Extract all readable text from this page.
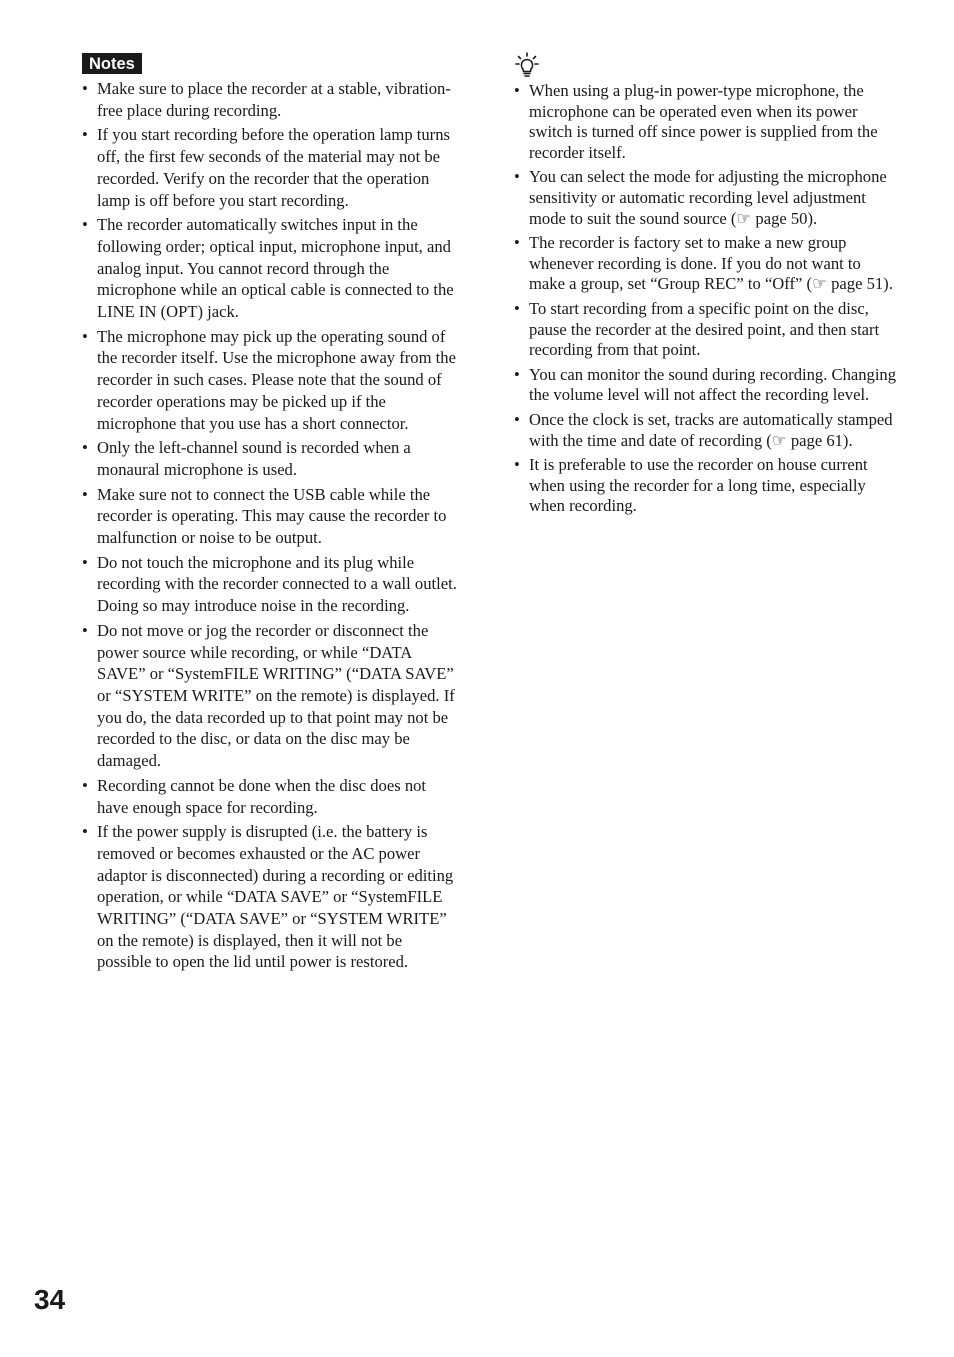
Notes
• Make sure to place the recorder at a stable, vibration-free place during recording.
• If you start recording before the operation lamp turns off, the first few seconds of the material may not be recorded. Verify on the recorder that the operation lamp is off before you start recording.
• The recorder automatically switches input in the following order; optical input, microphone input, and analog input. You cannot record through the microphone while an optical cable is connected to the LINE IN (OPT) jack.
• The microphone may pick up the operating sound of the recorder itself. Use the microphone away from the recorder in such cases. Please note that the sound of recorder operations may be picked up if the microphone that you use has a short connector.
• Only the left-channel sound is recorded when a monaural microphone is used.
• Make sure not to connect the USB cable while the recorder is operating. This may cause the recorder to malfunction or noise to be output.
• Do not touch the microphone and its plug while recording with the recorder connected to a wall outlet. Doing so may introduce noise in the recording.
• Do not move or jog the recorder or disconnect the power source while recording, or while “DATA SAVE” or “SystemFILE WRITING” (“DATA SAVE” or “SYSTEM WRITE” on the remote) is displayed. If you do, the data recorded up to that point may not be recorded to the disc, or data on the disc may be damaged.
• Recording cannot be done when the disc does not have enough space for recording.
• If the power supply is disrupted (i.e. the battery is removed or becomes exhausted or the AC power adaptor is disconnected) during a recording or editing operation, or while “DATA SAVE” or “SystemFILE WRITING” (“DATA SAVE” or “SYSTEM WRITE” on the remote) is displayed, then it will not be possible to open the lid until power is restored.
• When using a plug-in power-type microphone, the microphone can be operated even when its power switch is turned off since power is supplied from the recorder itself.
• You can select the mode for adjusting the microphone sensitivity or automatic recording level adjustment mode to suit the sound source (☞ page 50).
• The recorder is factory set to make a new group whenever recording is done. If you do not want to make a group, set “Group REC” to “Off” (☞ page 51).
• To start recording from a specific point on the disc, pause the recorder at the desired point, and then start recording from that point.
• You can monitor the sound during recording. Changing the volume level will not affect the recording level.
• Once the clock is set, tracks are automatically stamped with the time and date of recording (☞ page 61).
• It is preferable to use the recorder on house current when using the recorder for a long time, especially when recording.
34
